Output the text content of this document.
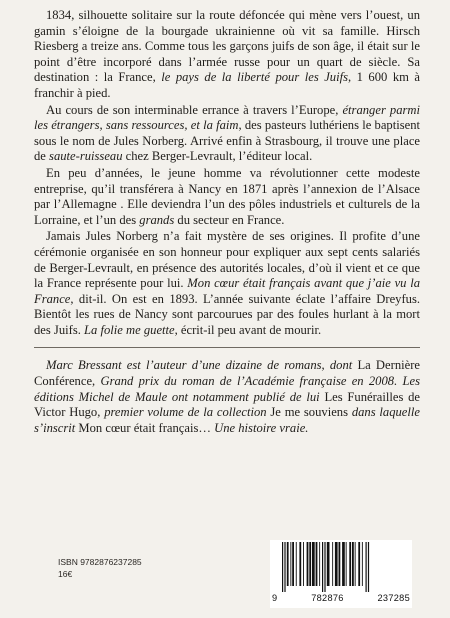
1834, silhouette solitaire sur la route défoncée qui mène vers l’ouest, un gamin s’éloigne de la bourgade ukrainienne où vit sa famille. Hirsch Riesberg a treize ans. Comme tous les garçons juifs de son âge, il était sur le point d’être incorporé dans l’armée russe pour un quart de siècle. Sa destination : la France, le pays de la liberté pour les Juifs, 1 600 km à franchir à pied.

Au cours de son interminable errance à travers l’Europe, étranger parmi les étrangers, sans ressources, et la faim, des pasteurs luthériens le baptisent sous le nom de Jules Norberg. Arrivé enfin à Strasbourg, il trouve une place de saute-ruisseau chez Berger-Levrault, l’éditeur local.

En peu d’années, le jeune homme va révolutionner cette modeste entreprise, qu’il transférera à Nancy en 1871 après l’annexion de l’Alsace par l’Allemagne . Elle deviendra l’un des pôles industriels et culturels de la Lorraine, et l’un des grands du secteur en France.

Jamais Jules Norberg n’a fait mystère de ses origines. Il profite d’une cérémonie organisée en son honneur pour expliquer aux sept cents salariés de Berger-Levrault, en présence des autorités locales, d’où il vient et ce que la France représente pour lui. Mon cœur était français avant que j’aie vu la France, dit-il. On est en 1893. L’année suivante éclate l’affaire Dreyfus. Bientôt les rues de Nancy sont parcourues par des foules hurlant à la mort des Juifs. La folie me guette, écrit-il peu avant de mourir.

Marc Bressant est l’auteur d’une dizaine de romans, dont La Dernière Conférence, Grand prix du roman de l’Académie française en 2008. Les éditions Michel de Maule ont notamment publié de lui Les Funérailles de Victor Hugo, premier volume de la collection Je me souviens dans laquelle s’inscrit Mon cœur était français… Une histoire vraie.

ISBN 9782876237285
16€
9	782876	237285
